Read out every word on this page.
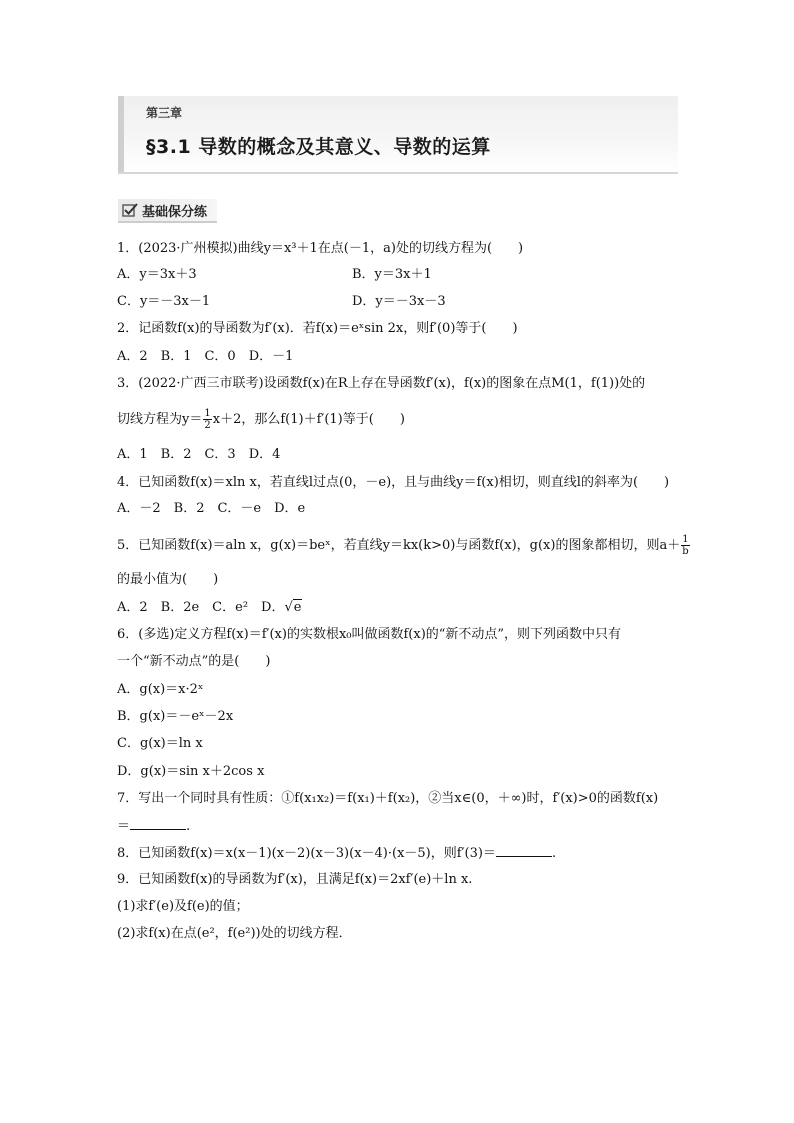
第三章
§3.1 导数的概念及其意义、导数的运算
基础保分练
1．(2023·广州模拟)曲线y＝x³＋1在点(－1，a)处的切线方程为(　　)
A．y＝3x＋3	B．y＝3x＋1
C．y＝－3x－1	D．y＝－3x－3
2．记函数f(x)的导函数为f′(x)．若f(x)＝eˣsin 2x，则f′(0)等于(　　)
A．2　B．1　C．0　D．－1
3．(2022·广西三市联考)设函数f(x)在R上存在导函数f′(x)，f(x)的图象在点M(1，f(1))处的
切线方程为$y= \frac{1}{2} x+2$，那么f(1)＋f′(1)等于(　　)
A．1　B．2　C．3　D．4
4．已知函数f(x)＝xln x，若直线l过点(0，－e)，且与曲线y＝f(x)相切，则直线l的斜率为(　　)
A．－2　B．2　C．－e　D．e
5．已知函数f(x)＝aln x，g(x)＝beˣ，若直线y＝kx(k>0)与函数f(x)，g(x)的图象都相切，则$a+ \frac{1}{b}$
的最小值为(　　)
A．2　B．2e　C．e²　D．√e
6．(多选)定义方程f(x)＝f′(x)的实数根x₀叫做函数f(x)的“新不动点”，则下列函数中只有
一个“新不动点”的是(　　)
A．g(x)＝x·2ˣ
B．g(x)＝－eˣ－2x
C．g(x)＝ln x
D．g(x)＝sin x＋2cos x
7．写出一个同时具有性质：①f(x₁x₂)＝f(x₁)＋f(x₂)，②当x∈(0，＋∞)时，f′(x)>0的函数f(x)
＝	.
8．已知函数f(x)＝x(x－1)(x－2)(x－3)(x－4)·(x－5)，则f′(3)＝	.
9．已知函数f(x)的导函数为f′(x)，且满足f(x)＝2xf′(e)＋ln x.
(1)求f′(e)及f(e)的值；
(2)求f(x)在点(e²，f(e²))处的切线方程．
